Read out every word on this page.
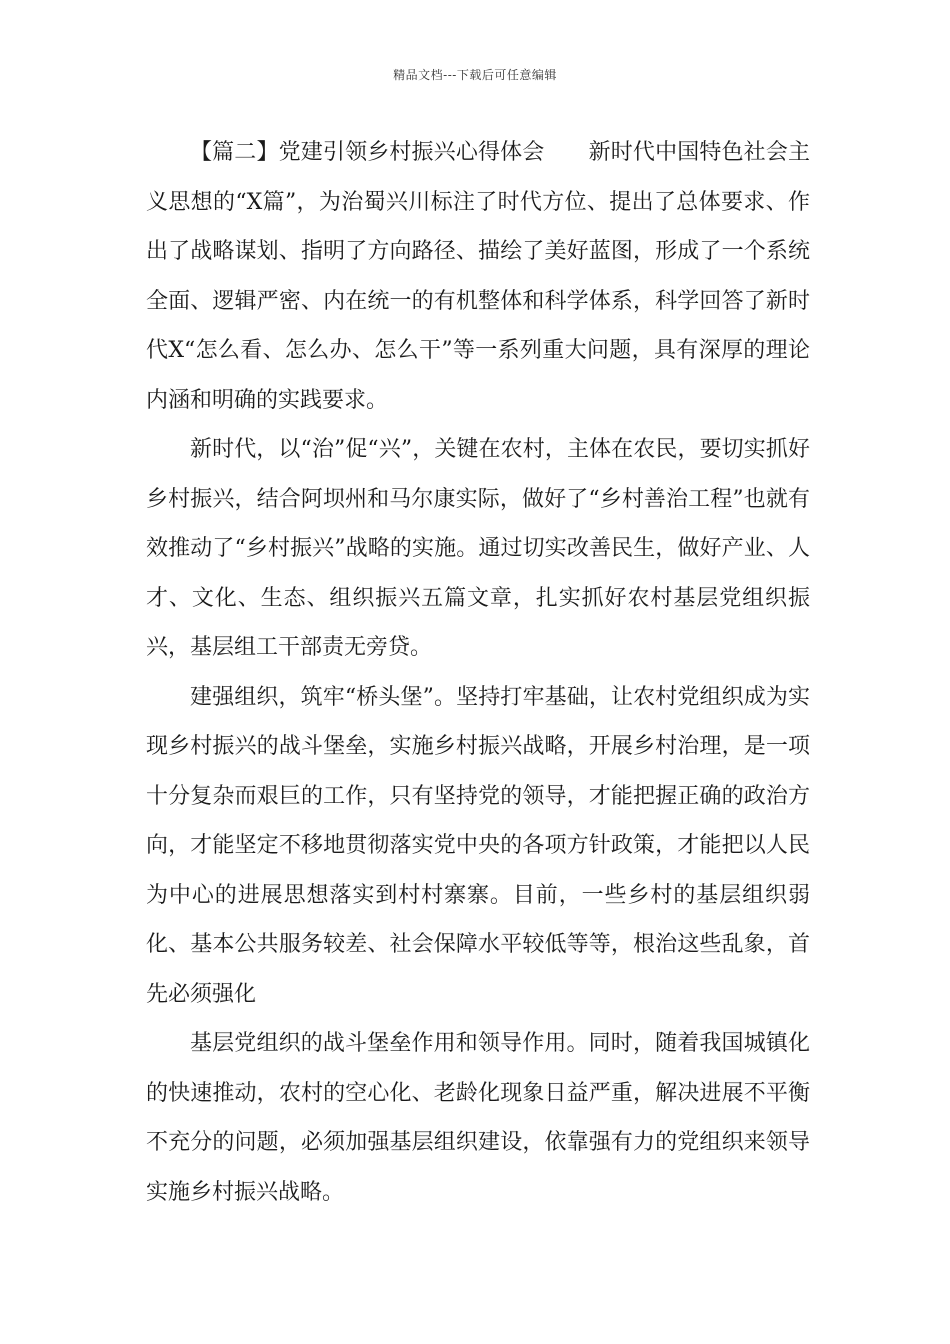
精品文档---下载后可任意编辑

【篇二】党建引领乡村振兴心得体会 新时代中国特色社会主义思想的“X篇”，为治蜀兴川标注了时代方位、提出了总体要求、作出了战略谋划、指明了方向路径、描绘了美好蓝图，形成了一个系统全面、逻辑严密、内在统一的有机整体和科学体系，科学回答了新时代X“怎么看、怎么办、怎么干”等一系列重大问题，具有深厚的理论内涵和明确的实践要求。

新时代，以“治”促“兴”，关键在农村，主体在农民，要切实抓好乡村振兴，结合阿坝州和马尔康实际，做好了“乡村善治工程”也就有效推动了“乡村振兴”战略的实施。通过切实改善民生，做好产业、人才、文化、生态、组织振兴五篇文章，扎实抓好农村基层党组织振兴，基层组工干部责无旁贷。

建强组织，筑牢“桥头堡”。坚持打牢基础，让农村党组织成为实现乡村振兴的战斗堡垒，实施乡村振兴战略，开展乡村治理，是一项十分复杂而艰巨的工作，只有坚持党的领导，才能把握正确的政治方向，才能坚定不移地贯彻落实党中央的各项方针政策，才能把以人民为中心的进展思想落实到村村寨寨。目前，一些乡村的基层组织弱化、基本公共服务较差、社会保障水平较低等等，根治这些乱象，首先必须强化

基层党组织的战斗堡垒作用和领导作用。同时，随着我国城镇化的快速推动，农村的空心化、老龄化现象日益严重，解决进展不平衡不充分的问题，必须加强基层组织建设，依靠强有力的党组织来领导实施乡村振兴战略。
